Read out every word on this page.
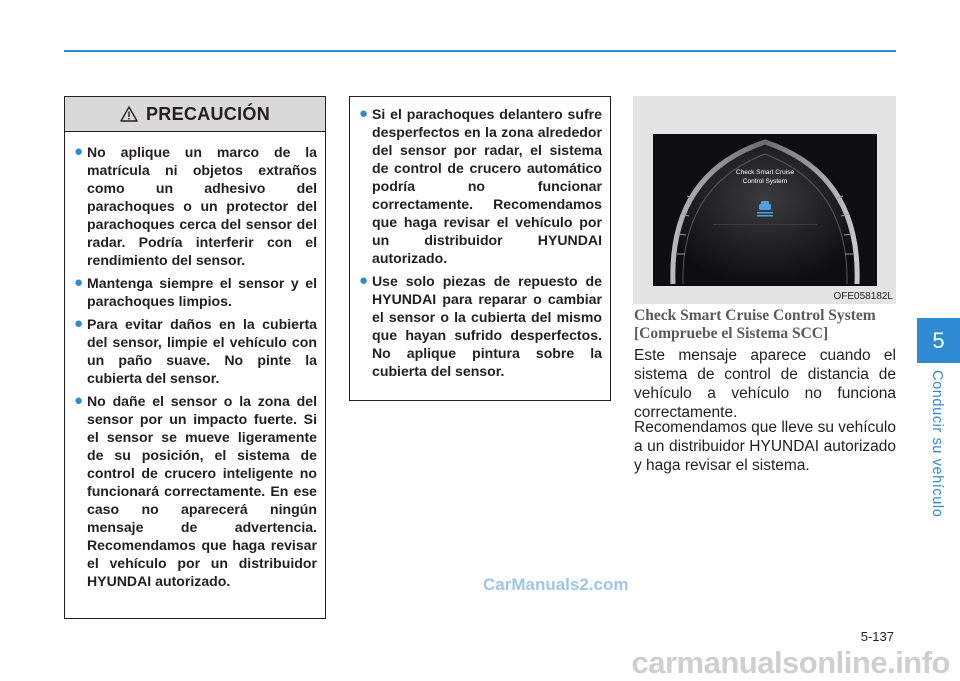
PRECAUCIÓN
● No aplique un marco de la matrícula ni objetos extraños como un adhesivo del parachoques o un protector del parachoques cerca del sensor del radar. Podría interferir con el rendimiento del sensor.
● Mantenga siempre el sensor y el parachoques limpios.
● Para evitar daños en la cubierta del sensor, limpie el vehículo con un paño suave. No pinte la cubierta del sensor.
● No dañe el sensor o la zona del sensor por un impacto fuerte. Si el sensor se mueve ligeramente de su posición, el sistema de control de crucero inteligente no funcionará correctamente. En ese caso no aparecerá ningún mensaje de advertencia. Recomendamos que haga revisar el vehículo por un distribuidor HYUNDAI autorizado.
● Si el parachoques delantero sufre desperfectos en la zona alrededor del sensor por radar, el sistema de control de crucero automático podría no funcionar correctamente. Recomendamos que haga revisar el vehículo por un distribuidor HYUNDAI autorizado.
● Use solo piezas de repuesto de HYUNDAI para reparar o cambiar el sensor o la cubierta del mismo que hayan sufrido desperfectos. No aplique pintura sobre la cubierta del sensor.
Check Smart Cruise
Control System
OFE058182L
Check Smart Cruise Control System [Compruebe el Sistema SCC]

Este mensaje aparece cuando el sistema de control de distancia de vehículo a vehículo no funciona correctamente.

Recomendamos que lleve su vehículo a un distribuidor HYUNDAI autorizado y haga revisar el sistema.

5
Conducir su vehículo
5-137
CarManuals2.com
carmanualsonline.info
